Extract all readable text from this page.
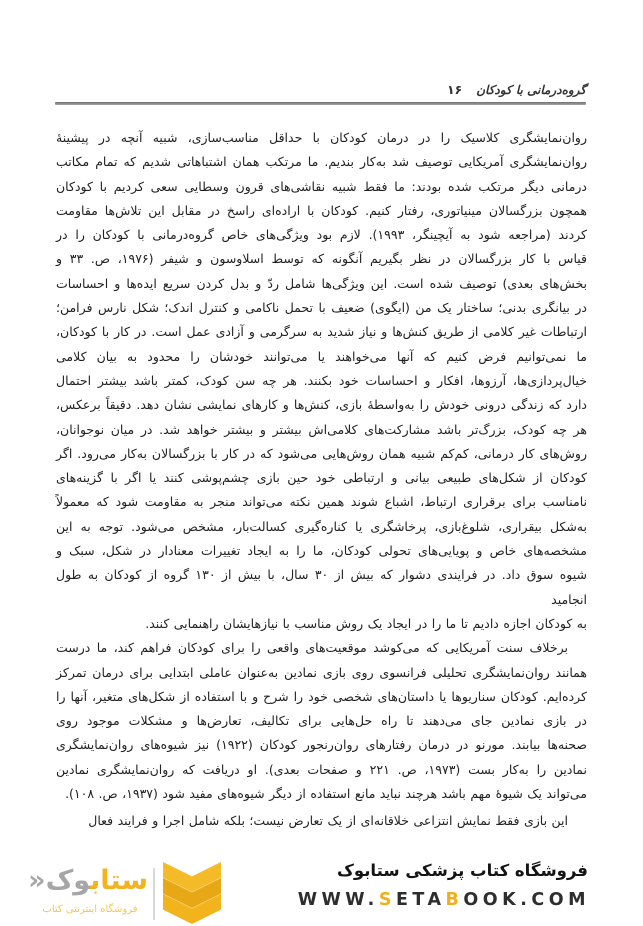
گروه‌درمانی با کودکان
۱۶
روان‌نمایشگری کلاسیک را در درمان کودکان با حداقل مناسب‌سازی، شبیه آنچه در پیشینۀ
روان‌نمایشگری آمریکایی توصیف شد به‌کار بندیم. ما مرتکب همان اشتباهاتی شدیم که تمام مکاتب
درمانی دیگر مرتکب شده بودند: ما فقط شبیه نقاشی‌های قرون وسطایی سعی کردیم با کودکان
همچون بزرگسالان مینیاتوری، رفتار کنیم. کودکان با اراده‌ای راسخ در مقابل این تلاش‌ها مقاومت
کردند (مراجعه شود به آیچینگر، ۱۹۹۳). لازم بود ویژگی‌های خاص گروه‌درمانی با کودکان را در
قیاس با کار بزرگسالان در نظر بگیریم آنگونه که توسط اسلاوسون و شیفر (۱۹۷۶، ص. ۳۳ و
بخش‌های بعدی) توصیف شده است. این ویژگی‌ها شامل ردّ و بدل کردن سریع ایده‌ها و احساسات
در بیانگری بدنی؛ ساختار یک من (ایگوی) ضعیف با تحمل ناکامی و کنترل اندک؛ شکل نارس فرامن؛
ارتباطات غیر کلامی از طریق کنش‌ها و نیاز شدید به سرگرمی و آزادی عمل است. در کار با کودکان،
ما نمی‌توانیم فرض کنیم که آنها می‌خواهند یا می‌توانند خودشان را محدود به بیان کلامی
خیال‌پردازی‌ها، آرزوها، افکار و احساسات خود بکنند. هر چه سن کودک، کمتر باشد بیشتر احتمال
دارد که زندگی درونی خودش را به‌واسطۀ بازی، کنش‌ها و کارهای نمایشی نشان دهد. دقیقاً برعکس،
هر چه کودک، بزرگ‌تر باشد مشارکت‌های کلامی‌اش بیشتر و بیشتر خواهد شد. در میان نوجوانان،
روش‌های کار درمانی، کم‌کم شبیه همان روش‌هایی می‌شود که در کار با بزرگسالان به‌کار می‌رود. اگر
کودکان از شکل‌های طبیعی بیانی و ارتباطی خود حین بازی چشم‌پوشی کنند یا اگر با گزینه‌های
نامناسب برای برقراری ارتباط، اشباع شوند همین نکته می‌تواند منجر به مقاومت شود که معمولاً
به‌شکل بیقراری، شلوغ‌بازی، پرخاشگری یا کناره‌گیری کسالت‌بار، مشخص می‌شود. توجه به این
مشخصه‌های خاص و پویایی‌های تحولی کودکان، ما را به ایجاد تغییرات معنادار در شکل، سبک و
شیوه سوق داد. در فرایندی دشوار که بیش از ۳۰ سال، با بیش از ۱۳۰ گروه از کودکان به طول انجامید
به کودکان اجازه دادیم تا ما را در ایجاد یک روش مناسب با نیازهایشان راهنمایی کنند.
برخلاف سنت آمریکایی که می‌کوشد موقعیت‌های واقعی را برای کودکان فراهم کند، ما درست
همانند روان‌نمایشگری تحلیلی فرانسوی روی بازی نمادین به‌عنوان عاملی ابتدایی برای درمان تمرکز
کرده‌ایم. کودکان سناریوها یا داستان‌های شخصی خود را شرح و با استفاده از شکل‌های متغیر، آنها را
در بازی نمادین جای می‌دهند تا راه حل‌هایی برای تکالیف، تعارض‌ها و مشکلات موجود روی
صحنه‌ها بیابند. مورنو در درمان رفتارهای روان‌رنجور کودکان (۱۹۲۲) نیز شیوه‌های روان‌نمایشگری
نمادین را به‌کار بست (۱۹۷۳، ص. ۲۲۱ و صفحات بعدی). او دریافت که روان‌نمایشگری نمادین
می‌تواند یک شیوۀ مهم باشد هرچند نباید مانع استفاده از دیگر شیوه‌های مفید شود (۱۹۳۷، ص. ۱۰۸).
این بازی فقط نمایش انتزاعی خلاقانه‌ای از یک تعارض نیست؛ بلکه شامل اجرا و فرایند فعال
فروشگاه کتاب پزشکی ستابوک
WWW.SETABOOK.COM
ستابوک«
فروشگاه اینترنتی کتاب
